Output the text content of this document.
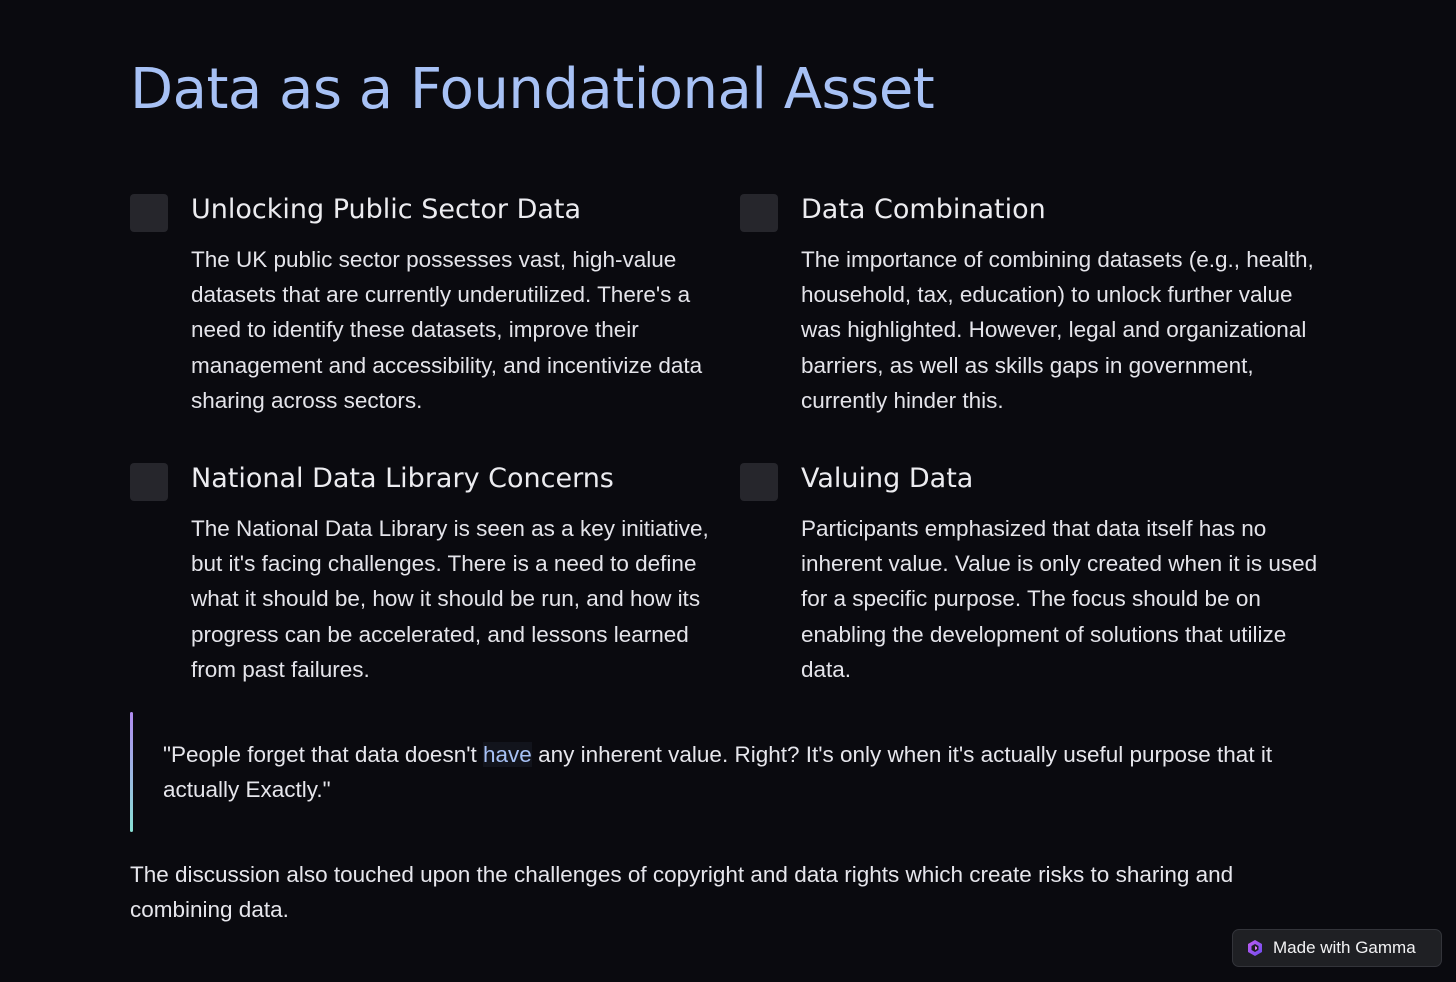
Data as a Foundational Asset
Unlocking Public Sector Data

The UK public sector possesses vast, high-value datasets that are currently underutilized. There's a need to identify these datasets, improve their management and accessibility, and incentivize data sharing across sectors.

Data Combination

The importance of combining datasets (e.g., health, household, tax, education) to unlock further value was highlighted. However, legal and organizational barriers, as well as skills gaps in government, currently hinder this.

National Data Library Concerns

The National Data Library is seen as a key initiative, but it's facing challenges. There is a need to define what it should be, how it should be run, and how its progress can be accelerated, and lessons learned from past failures.

Valuing Data

Participants emphasized that data itself has no inherent value. Value is only created when it is used for a specific purpose. The focus should be on enabling the development of solutions that utilize data.

"People forget that data doesn't have any inherent value. Right? It's only when it's actually useful purpose that it actually Exactly."

The discussion also touched upon the challenges of copyright and data rights which create risks to sharing and combining data.

Made with Gamma
